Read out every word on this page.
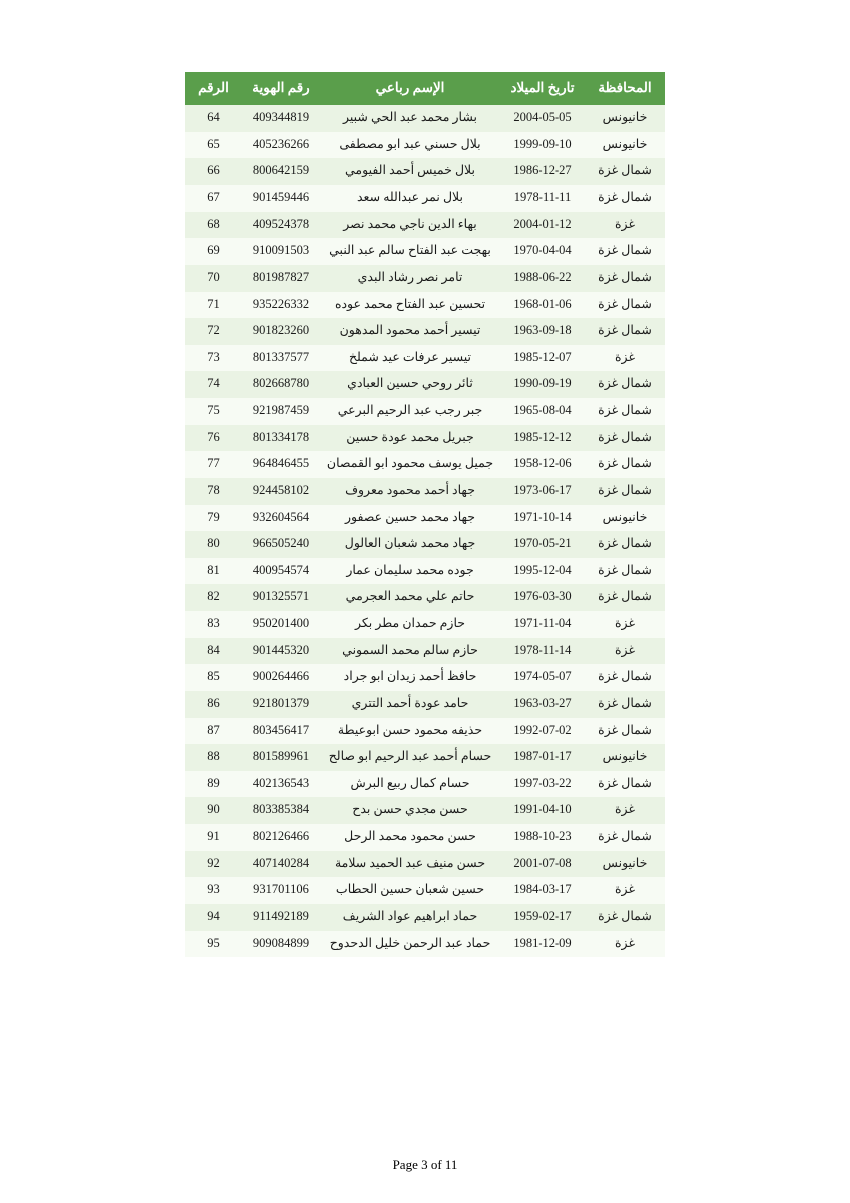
المحافظة	تاريخ الميلاد	الإسم رباعي	رقم الهوية	الرقم
خانيونس	2004-05-05	بشار محمد عبد الحي شبير	409344819	64
خانيونس	1999-09-10	بلال حسني عبد ابو مصطفى	405236266	65
شمال غزة	1986-12-27	بلال خميس أحمد الفيومي	800642159	66
شمال غزة	1978-11-11	بلال نمر عبدالله سعد	901459446	67
غزة	2004-01-12	بهاء الدين ناجي محمد نصر	409524378	68
شمال غزة	1970-04-04	بهجت عبد الفتاح سالم عبد النبي	910091503	69
شمال غزة	1988-06-22	تامر نصر رشاد البدي	801987827	70
شمال غزة	1968-01-06	تحسين عبد الفتاح محمد عوده	935226332	71
شمال غزة	1963-09-18	تيسير أحمد محمود المدهون	901823260	72
غزة	1985-12-07	تيسير عرفات عيد شملخ	801337577	73
شمال غزة	1990-09-19	ثائر روحي حسين العبادي	802668780	74
شمال غزة	1965-08-04	جبر رجب عبد الرحيم البرعي	921987459	75
شمال غزة	1985-12-12	جبريل محمد عودة حسين	801334178	76
شمال غزة	1958-12-06	جميل يوسف محمود ابو القمصان	964846455	77
شمال غزة	1973-06-17	جهاد أحمد محمود معروف	924458102	78
خانيونس	1971-10-14	جهاد محمد حسين عصفور	932604564	79
شمال غزة	1970-05-21	جهاد محمد شعبان العالول	966505240	80
شمال غزة	1995-12-04	جوده محمد سليمان عمار	400954574	81
شمال غزة	1976-03-30	حاتم علي محمد العجرمي	901325571	82
غزة	1971-11-04	حازم حمدان مطر بكر	950201400	83
غزة	1978-11-14	حازم سالم محمد السموني	901445320	84
شمال غزة	1974-05-07	حافظ أحمد زيدان ابو جراد	900264466	85
شمال غزة	1963-03-27	حامد عودة أحمد التتري	921801379	86
شمال غزة	1992-07-02	حذيفه محمود حسن ابوعيطة	803456417	87
خانيونس	1987-01-17	حسام أحمد عبد الرحيم ابو صالح	801589961	88
شمال غزة	1997-03-22	حسام كمال ربيع البرش	402136543	89
غزة	1991-04-10	حسن مجدي حسن بدح	803385384	90
شمال غزة	1988-10-23	حسن محمود محمد الرحل	802126466	91
خانيونس	2001-07-08	حسن منيف عبد الحميد سلامة	407140284	92
غزة	1984-03-17	حسين شعبان حسين الحطاب	931701106	93
شمال غزة	1959-02-17	حماد ابراهيم عواد الشريف	911492189	94
غزة	1981-12-09	حماد عبد الرحمن خليل الدحدوح	909084899	95
Page 3 of 11
